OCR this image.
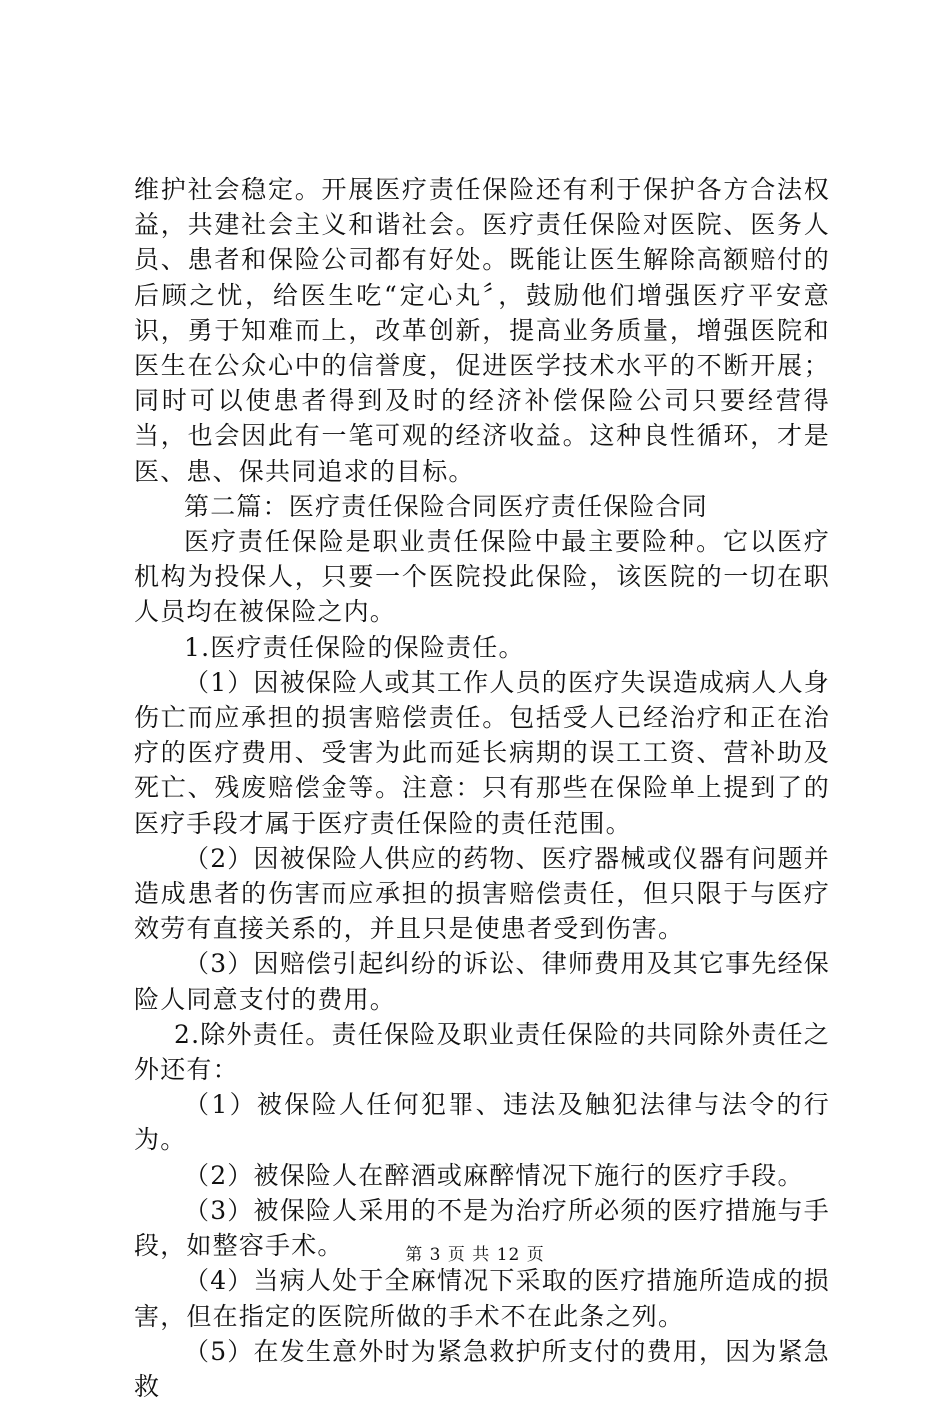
维护社会稳定。开展医疗责任保险还有利于保护各方合法权益，共建社会主义和谐社会。医疗责任保险对医院、医务人员、患者和保险公司都有好处。既能让医生解除高额赔付的后顾之忧，给医生吃“定心丸〞，鼓励他们增强医疗平安意识，勇于知难而上，改革创新，提高业务质量，增强医院和医生在公众心中的信誉度，促进医学技术水平的不断开展；同时可以使患者得到及时的经济补偿保险公司只要经营得当，也会因此有一笔可观的经济收益。这种良性循环，才是医、患、保共同追求的目标。

第二篇：医疗责任保险合同医疗责任保险合同

医疗责任保险是职业责任保险中最主要险种。它以医疗机构为投保人，只要一个医院投此保险，该医院的一切在职人员均在被保险之内。

1.医疗责任保险的保险责任。

（1）因被保险人或其工作人员的医疗失误造成病人人身伤亡而应承担的损害赔偿责任。包括受人已经治疗和正在治疗的医疗费用、受害为此而延长病期的误工工资、营补助及死亡、残废赔偿金等。注意：只有那些在保险单上提到了的医疗手段才属于医疗责任保险的责任范围。

（2）因被保险人供应的药物、医疗器械或仪器有问题并造成患者的伤害而应承担的损害赔偿责任，但只限于与医疗效劳有直接关系的，并且只是使患者受到伤害。

（3）因赔偿引起纠纷的诉讼、律师费用及其它事先经保险人同意支付的费用。

2.除外责任。责任保险及职业责任保险的共同除外责任之外还有：

（1）被保险人任何犯罪、违法及触犯法律与法令的行为。

（2）被保险人在醉酒或麻醉情况下施行的医疗手段。

（3）被保险人采用的不是为治疗所必须的医疗措施与手段，如整容手术。

（4）当病人处于全麻情况下采取的医疗措施所造成的损害，但在指定的医院所做的手术不在此条之列。

（5）在发生意外时为紧急救护所支付的费用，因为紧急救

第 3 页 共 12 页
